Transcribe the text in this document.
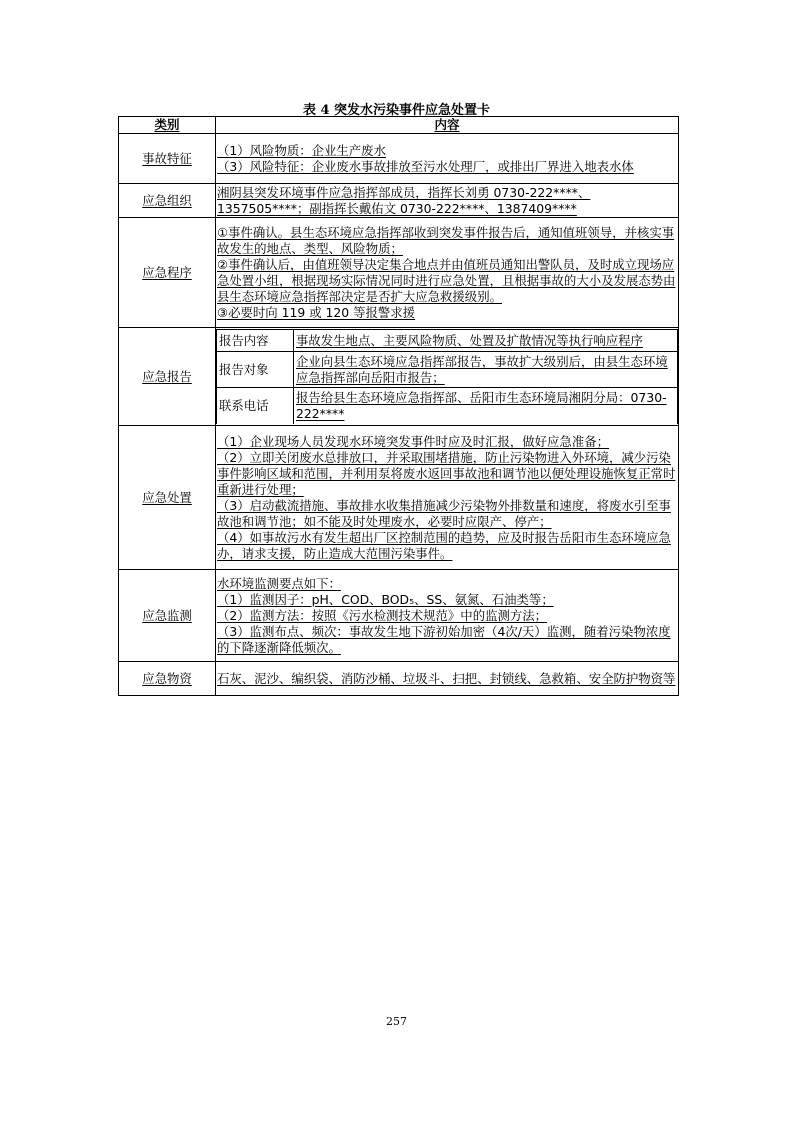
表 4 突发水污染事件应急处置卡
类别	内容
事故特征	
（1）风险物质：企业生产废水
（3）风险特征：企业废水事故排放至污水处理厂，或排出厂界进入地表水体

应急组织	
湘阴县突发环境事件应急指挥部成员，指挥长刘勇 0730-222****、1357505****；副指挥长戴佑文 0730-222****、1387409****

应急程序	
①事件确认。县生态环境应急指挥部收到突发事件报告后，通知值班领导，并核实事故发生的地点、类型、风险物质；
②事件确认后，由值班领导决定集合地点并由值班员通知出警队员，及时成立现场应急处置小组，根据现场实际情况同时进行应急处置，且根据事故的大小及发展态势由县生态环境应急指挥部决定是否扩大应急救援级别。
③必要时向 119 或 120 等报警求援

应急报告	
报告内容	事故发生地点、主要风险物质、处置及扩散情况等执行响应程序
报告对象	企业向县生态环境应急指挥部报告，事故扩大级别后，由县生态环境应急指挥部向岳阳市报告；
联系电话	报告给县生态环境应急指挥部、岳阳市生态环境局湘阴分局：0730-222****

应急处置	
（1）企业现场人员发现水环境突发事件时应及时汇报，做好应急准备；
（2）立即关闭废水总排放口，并采取围堵措施，防止污染物进入外环境，减少污染事件影响区域和范围，并利用泵将废水返回事故池和调节池以便处理设施恢复正常时重新进行处理；
（3）启动截流措施、事故排水收集措施减少污染物外排数量和速度，将废水引至事故池和调节池；如不能及时处理废水，必要时应限产、停产；
（4）如事故污水有发生超出厂区控制范围的趋势，应及时报告岳阳市生态环境应急办，请求支援，防止造成大范围污染事件。

应急监测	
水环境监测要点如下：
（1）监测因子：pH、COD、BOD₅、SS、氨氮、石油类等；
（2）监测方法：按照《污水检测技术规范》中的监测方法；
（3）监测布点、频次：事故发生地下游初始加密（4次/天）监测，随着污染物浓度的下降逐渐降低频次。

应急物资	石灰、泥沙、编织袋、消防沙桶、垃圾斗、扫把、封锁线、急救箱、安全防护物资等
257
